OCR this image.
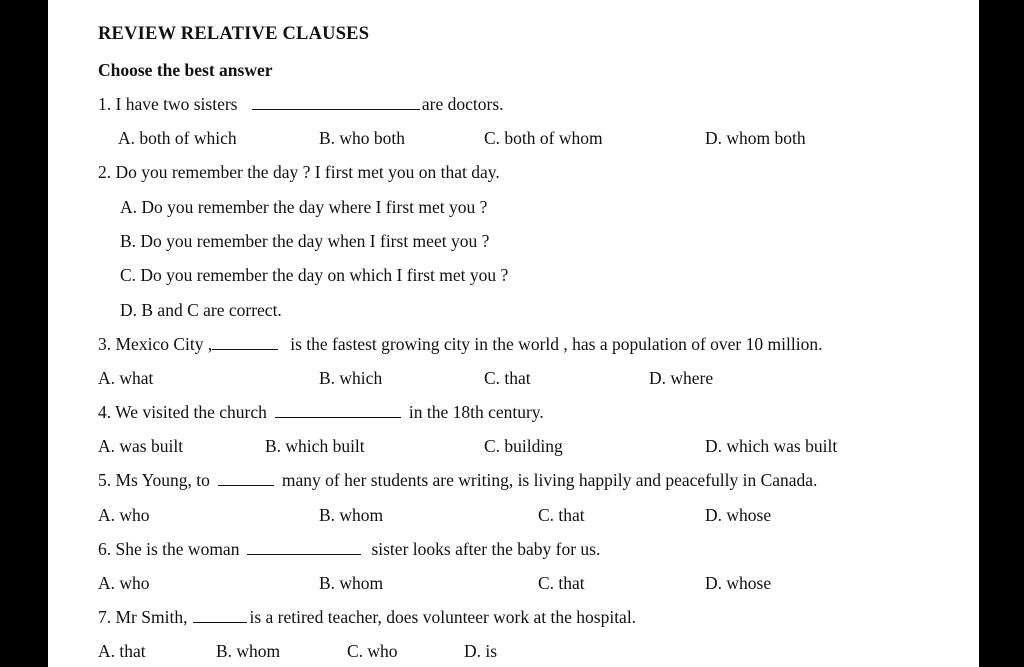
REVIEW RELATIVE CLAUSES
Choose the best answer
1. I have two sisters	are doctors.
A. both of which	B. who both	C. both of whom	D. whom both
2. Do you remember the day ? I first met you on that day.
A. Do you remember the day where I first met you ?
B. Do you remember the day when I first meet you ?
C. Do you remember the day on which I first met you ?
D. B and C are correct.
3. Mexico City ,	is the fastest growing city in the world , has a population of over 10 million.
A. what	B. which	C. that	D. where
4. We visited the church	in the 18th century.
A. was built	B. which built	C. building	D. which was built
5. Ms Young, to	many of her students are writing, is living happily and peacefully in Canada.
A. who	B. whom	C. that	D. whose
6. She is the woman	sister looks after the baby for us.
A. who	B. whom	C. that	D. whose
7. Mr Smith,	is a retired teacher, does volunteer work at the hospital.
A. that	B. whom	C. who	D. is
